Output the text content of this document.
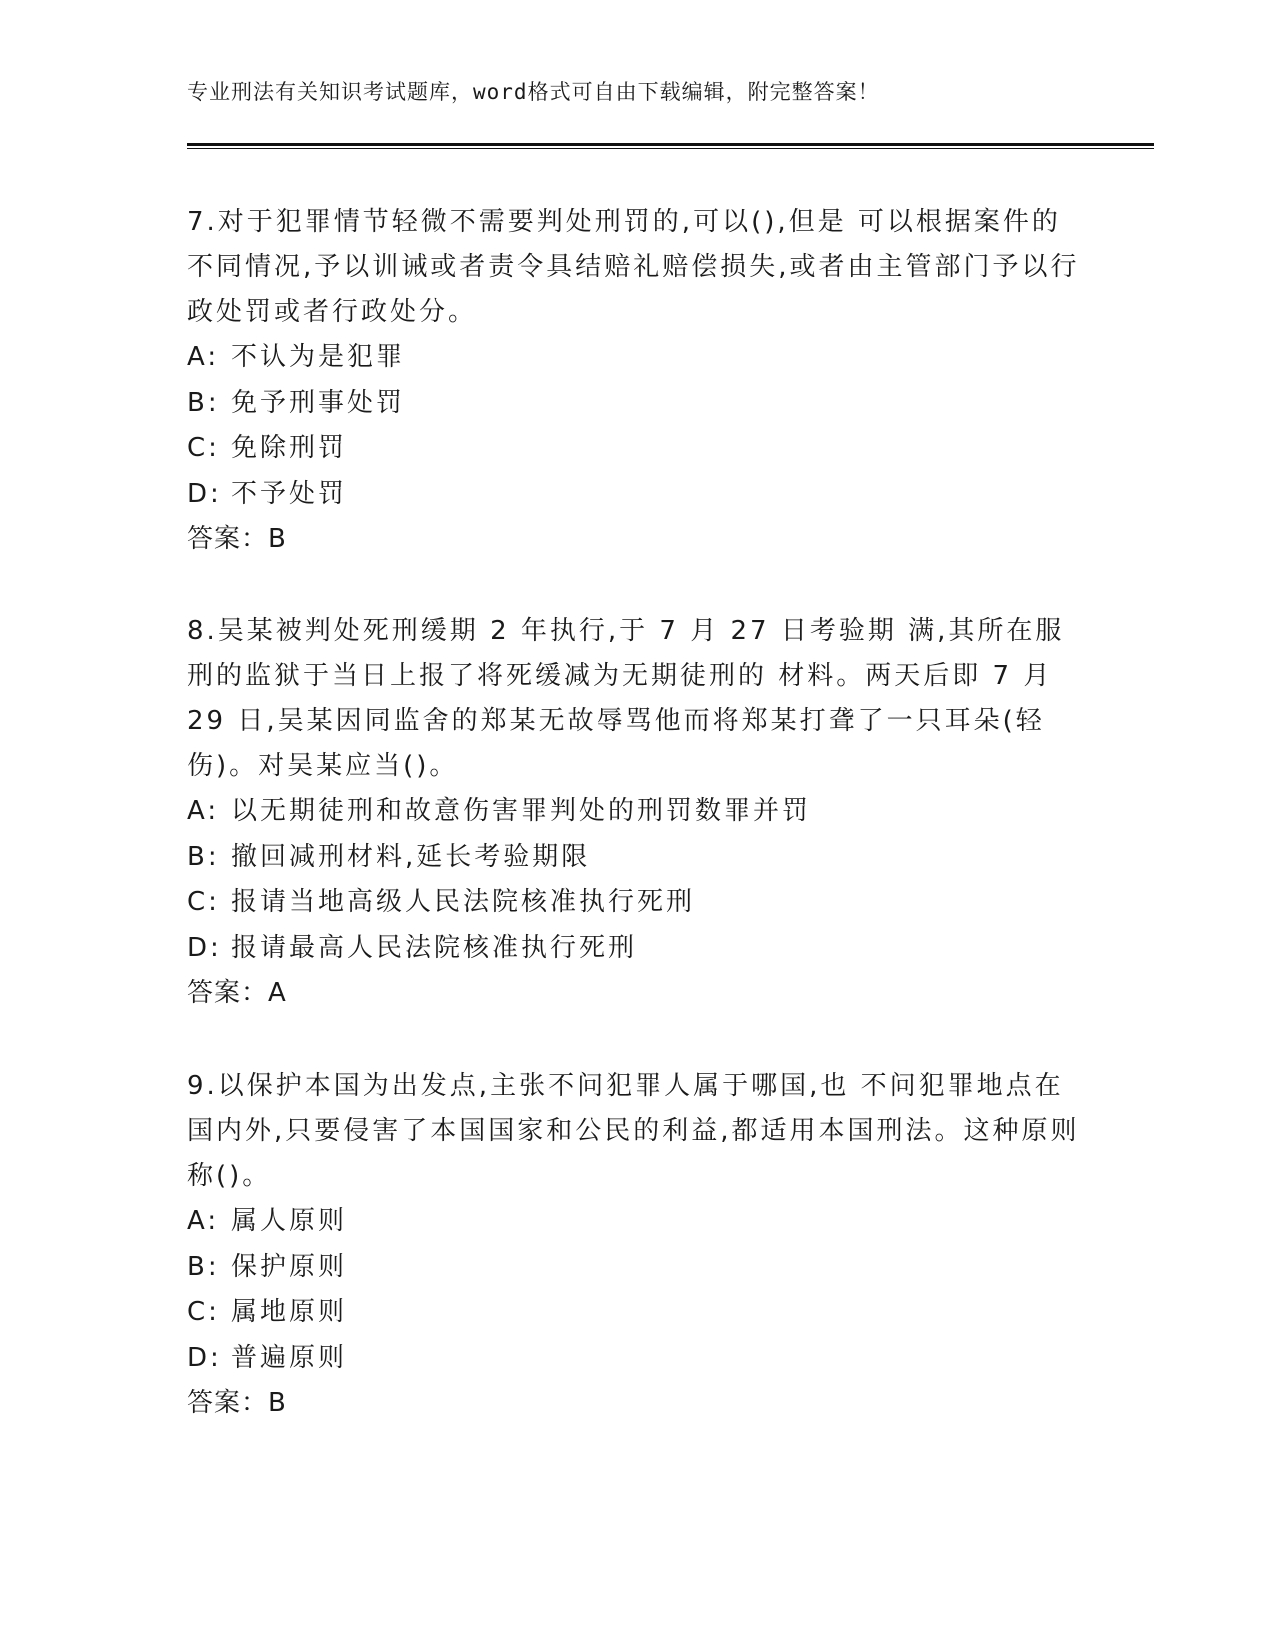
专业刑法有关知识考试题库，word格式可自由下载编辑，附完整答案！

7.对于犯罪情节轻微不需要判处刑罚的,可以(),但是 可以根据案件的不同情况,予以训诫或者责令具结赔礼赔偿损失,或者由主管部门予以行政处罚或者行政处分。

A: 不认为是犯罪

B: 免予刑事处罚

C: 免除刑罚

D: 不予处罚

答案：B

8.吴某被判处死刑缓期 2 年执行,于 7 月 27 日考验期 满,其所在服刑的监狱于当日上报了将死缓减为无期徒刑的 材料。两天后即 7 月 29 日,吴某因同监舍的郑某无故辱骂他而将郑某打聋了一只耳朵(轻伤)。对吴某应当()。

A: 以无期徒刑和故意伤害罪判处的刑罚数罪并罚

B: 撤回减刑材料,延长考验期限

C: 报请当地高级人民法院核准执行死刑

D: 报请最高人民法院核准执行死刑

答案：A

9.以保护本国为出发点,主张不问犯罪人属于哪国,也 不问犯罪地点在国内外,只要侵害了本国国家和公民的利益,都适用本国刑法。这种原则称()。

A: 属人原则

B: 保护原则

C: 属地原则

D: 普遍原则

答案：B
